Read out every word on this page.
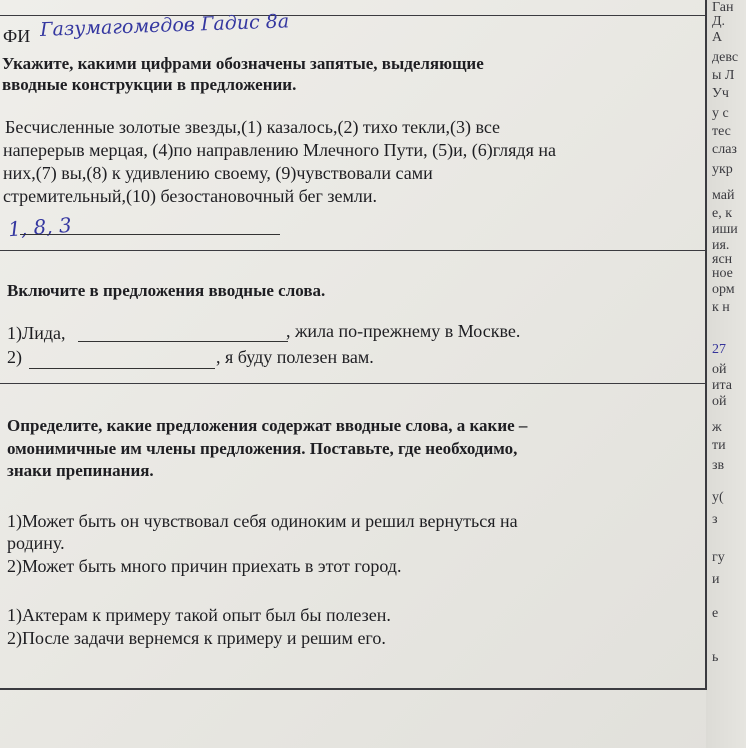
Ган
Д.
А
девс
ы Л
Уч
у с
тес
слаз
укр
май
е, к
иши
ия.
ясн
ное
орм
к н
27
ой
ита
ой
ж
ти
зв
у(
з
гу
и
е
ь
ФИ Газумагомедов Гадис 8а
Укажите, какими цифрами обозначены запятые, выделяющие
вводные конструкции в предложении.
Бесчисленные золотые звезды,(1) казалось,(2) тихо текли,(3) все
наперерыв мерцая, (4)по направлению Млечного Пути, (5)и, (6)глядя на
них,(7) вы,(8) к удивлению своему, (9)чувствовали сами
стремительный,(10) безостановочный бег земли.
1, 8, 3
Включите в предложения вводные слова.
1)Лида,	, жила по-прежнему в Москве.
2)	, я буду полезен вам.
Определите, какие предложения содержат вводные слова, а какие –
омонимичные им члены предложения. Поставьте, где необходимо,
знаки препинания.
1)Может быть он чувствовал себя одиноким и решил вернуться на
родину.
2)Может быть много причин приехать в этот город.
1)Актерам к примеру такой опыт был бы полезен.
2)После задачи вернемся к примеру и решим его.
